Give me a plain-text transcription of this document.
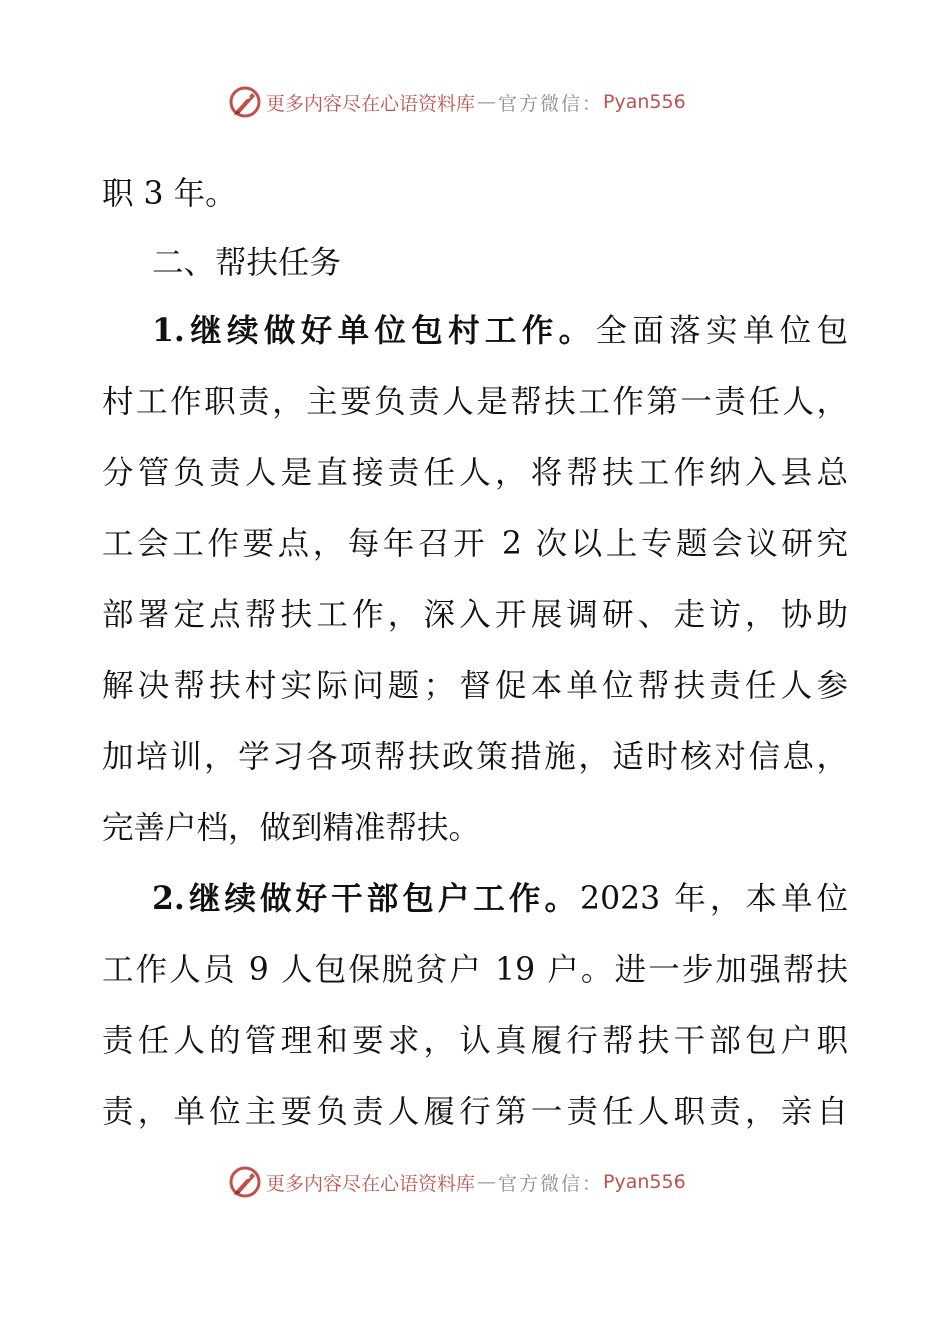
更多内容尽在心语资料库 — 官方微信： Pyan556
职 3 年。
二、帮扶任务
1.继续做好单位包村工作。全面落实单位包
村工作职责，主要负责人是帮扶工作第一责任人，
分管负责人是直接责任人，将帮扶工作纳入县总
工会工作要点，每年召开 2 次以上专题会议研究
部署定点帮扶工作，深入开展调研、走访，协助
解决帮扶村实际问题；督促本单位帮扶责任人参
加培训，学习各项帮扶政策措施，适时核对信息，
完善户档，做到精准帮扶。
2.继续做好干部包户工作。2023 年，本单位
工作人员 9 人包保脱贫户 19 户。进一步加强帮扶
责任人的管理和要求，认真履行帮扶干部包户职
责，单位主要负责人履行第一责任人职责，亲自
更多内容尽在心语资料库 — 官方微信： Pyan556
